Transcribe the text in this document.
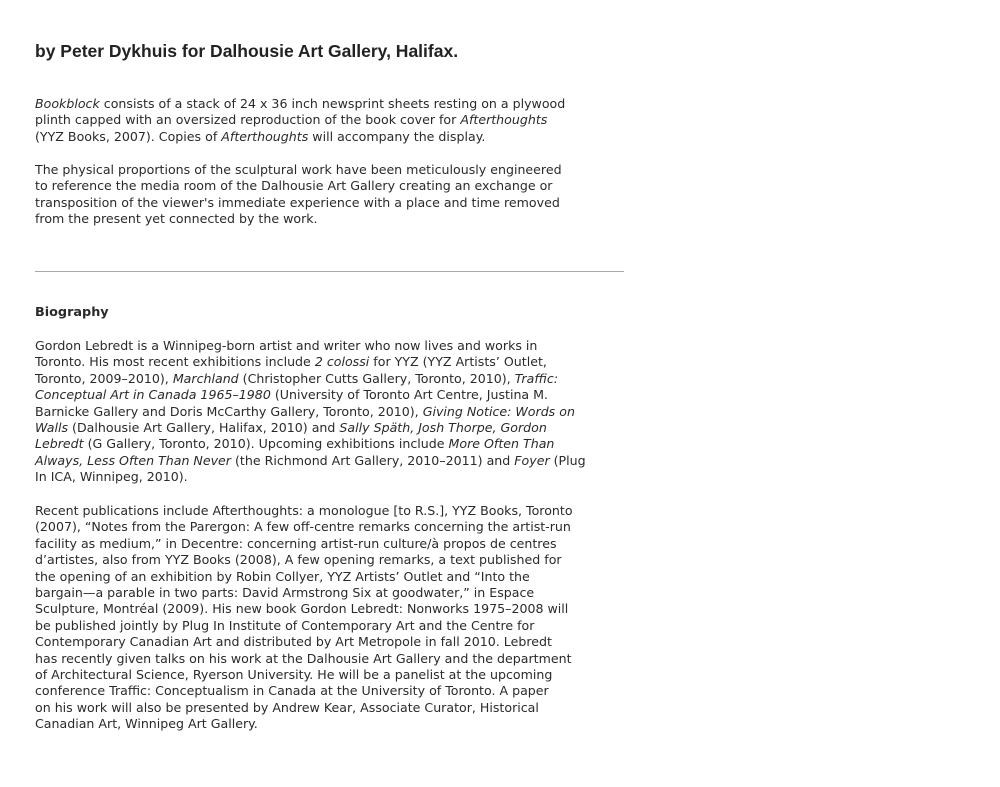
by Peter Dykhuis for Dalhousie Art Gallery, Halifax.

Bookblock consists of a stack of 24 x 36 inch newsprint sheets resting on a plywood
plinth capped with an oversized reproduction of the book cover for Afterthoughts
(YYZ Books, 2007). Copies of Afterthoughts will accompany the display.

The physical proportions of the sculptural work have been meticulously engineered
to reference the media room of the Dalhousie Art Gallery creating an exchange or
transposition of the viewer's immediate experience with a place and time removed
from the present yet connected by the work.

Biography

Gordon Lebredt is a Winnipeg-born artist and writer who now lives and works in
Toronto. His most recent exhibitions include 2 colossi for YYZ (YYZ Artists’ Outlet,
Toronto, 2009–2010), Marchland (Christopher Cutts Gallery, Toronto, 2010), Traffic:
Conceptual Art in Canada 1965–1980 (University of Toronto Art Centre, Justina M.
Barnicke Gallery and Doris McCarthy Gallery, Toronto, 2010), Giving Notice: Words on
Walls (Dalhousie Art Gallery, Halifax, 2010) and Sally Späth, Josh Thorpe, Gordon
Lebredt (G Gallery, Toronto, 2010). Upcoming exhibitions include More Often Than
Always, Less Often Than Never (the Richmond Art Gallery, 2010–2011) and Foyer (Plug
In ICA, Winnipeg, 2010).

Recent publications include Afterthoughts: a monologue [to R.S.], YYZ Books, Toronto
(2007), “Notes from the Parergon: A few off-centre remarks concerning the artist-run
facility as medium,” in Decentre: concerning artist-run culture/à propos de centres
d’artistes, also from YYZ Books (2008), A few opening remarks, a text published for
the opening of an exhibition by Robin Collyer, YYZ Artists’ Outlet and “Into the
bargain—a parable in two parts: David Armstrong Six at goodwater,” in Espace
Sculpture, Montréal (2009). His new book Gordon Lebredt: Nonworks 1975–2008 will
be published jointly by Plug In Institute of Contemporary Art and the Centre for
Contemporary Canadian Art and distributed by Art Metropole in fall 2010. Lebredt
has recently given talks on his work at the Dalhousie Art Gallery and the department
of Architectural Science, Ryerson University. He will be a panelist at the upcoming
conference Traffic: Conceptualism in Canada at the University of Toronto. A paper
on his work will also be presented by Andrew Kear, Associate Curator, Historical
Canadian Art, Winnipeg Art Gallery.
